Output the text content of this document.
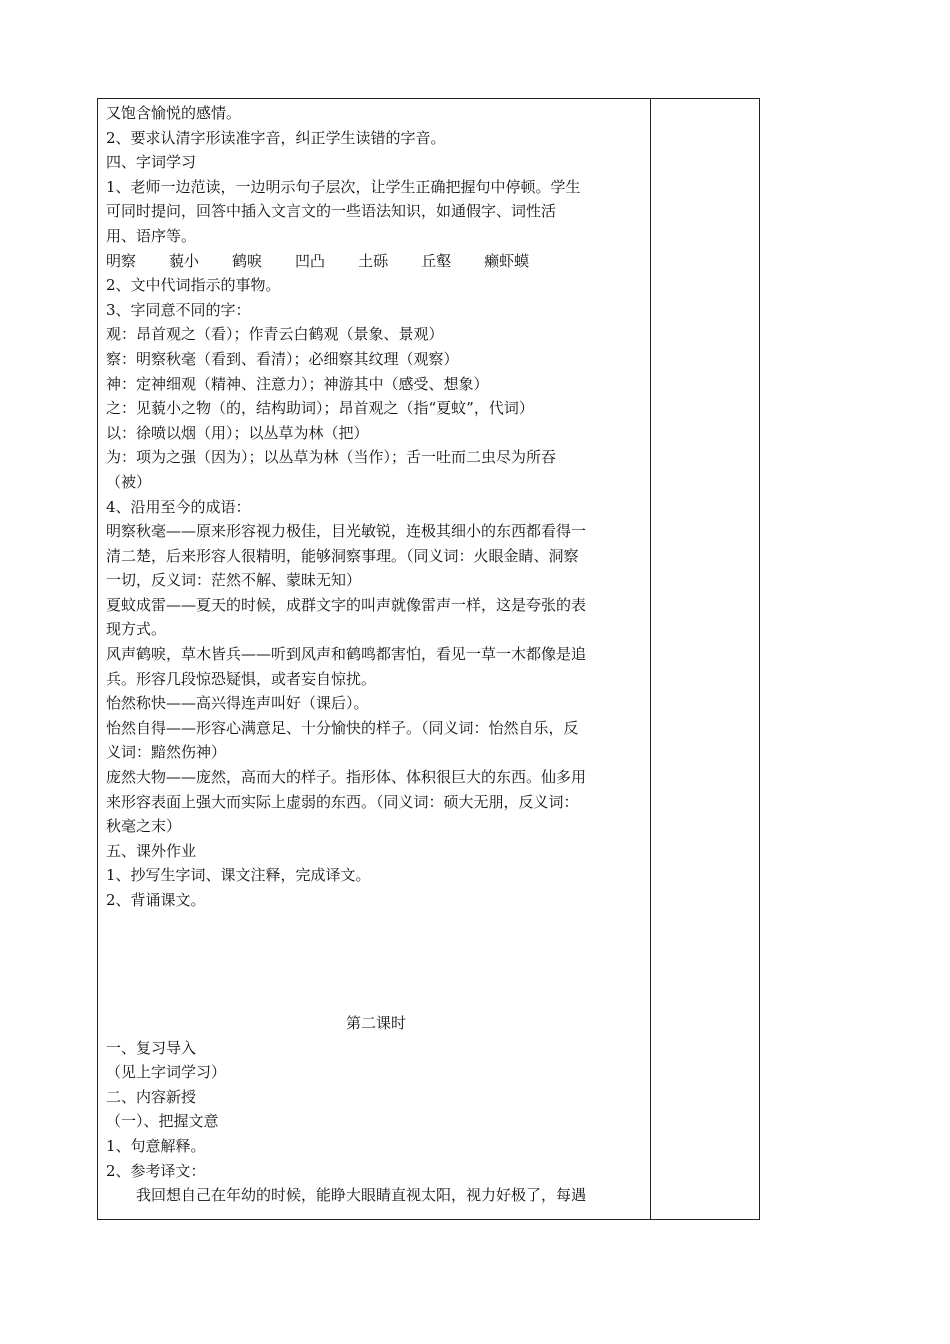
又饱含愉悦的感情。
2、要求认清字形读准字音，纠正学生读错的字音。
四、字词学习
1、老师一边范读，一边明示句子层次，让学生正确把握句中停顿。学生
可同时提问，回答中插入文言文的一些语法知识，如通假字、词性活
用、语序等。
明察 藐小 鹤唳 凹凸 土砾 丘壑 癞虾蟆
2、文中代词指示的事物。
3、字同意不同的字：
观：昂首观之（看）；作青云白鹤观（景象、景观）
察：明察秋毫（看到、看清）；必细察其纹理（观察）
神：定神细观（精神、注意力）；神游其中（感受、想象）
之：见藐小之物（的，结构助词）；昂首观之（指“夏蚊”，代词）
以：徐喷以烟（用）；以丛草为林（把）
为：项为之强（因为）；以丛草为林（当作）；舌一吐而二虫尽为所吞
（被）
4、沿用至今的成语：
明察秋毫——原来形容视力极佳，目光敏锐，连极其细小的东西都看得一
清二楚，后来形容人很精明，能够洞察事理。（同义词：火眼金睛、洞察
一切，反义词：茫然不解、蒙昧无知）
夏蚊成雷——夏天的时候，成群文字的叫声就像雷声一样，这是夸张的表
现方式。
风声鹤唳，草木皆兵——听到风声和鹤鸣都害怕，看见一草一木都像是追
兵。形容几段惊恐疑惧，或者妄自惊扰。
怡然称快——高兴得连声叫好（课后）。
怡然自得——形容心满意足、十分愉快的样子。（同义词：怡然自乐，反
义词：黯然伤神）
庞然大物——庞然，高而大的样子。指形体、体积很巨大的东西。仙多用
来形容表面上强大而实际上虚弱的东西。（同义词：硕大无朋，反义词：
秋毫之末）
五、课外作业
1、抄写生字词、课文注释，完成译文。
2、背诵课文。
第二课时
一、复习导入
（见上字词学习）
二、内容新授
（一）、把握文意
1、句意解释。
2、参考译文：
我回想自己在年幼的时候，能睁大眼睛直视太阳，视力好极了，每遇
